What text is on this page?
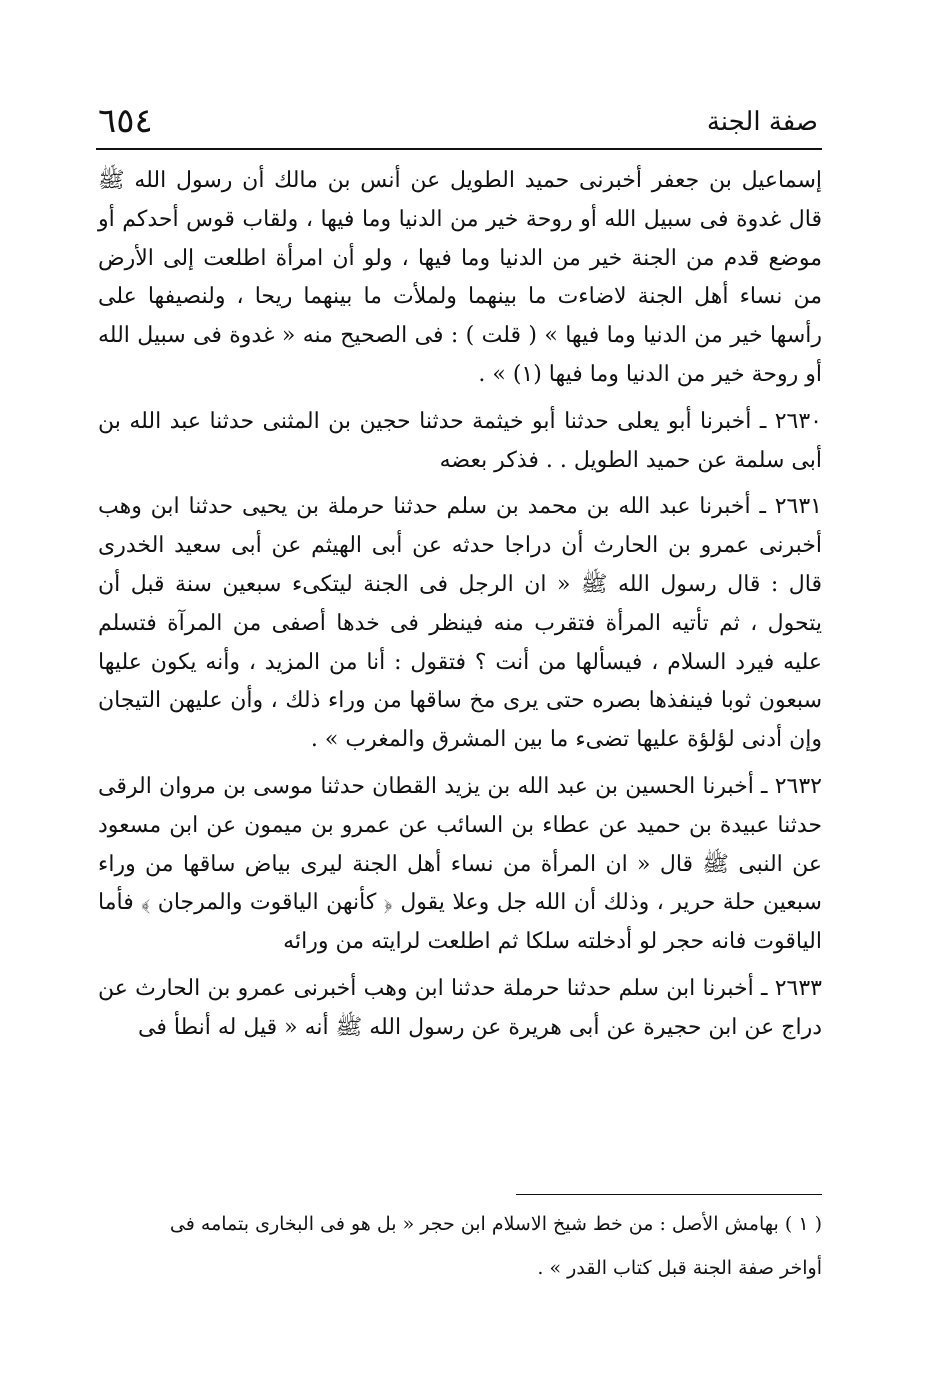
٦٥٤	صفة الجنة

إسماعيل بن جعفر أخبرنى حميد الطويل عن أنس بن مالك أن رسول الله ﷺ قال غدوة فى سبيل الله أو روحة خير من الدنيا وما فيها ، ولقاب قوس أحدكم أو موضع قدم من الجنة خير من الدنيا وما فيها ، ولو أن امرأة اطلعت إلى الأرض من نساء أهل الجنة لاضاءت ما بينهما ولملأت ما بينهما ريحا ، ولنصيفها على رأسها خير من الدنيا وما فيها » ( قلت ) : فى الصحيح منه « غدوة فى سبيل الله أو روحة خير من الدنيا وما فيها (١) » .

٢٦٣٠ ـ أخبرنا أبو يعلى حدثنا أبو خيثمة حدثنا حجين بن المثنى حدثنا عبد الله بن أبى سلمة عن حميد الطويل . . فذكر بعضه

٢٦٣١ ـ أخبرنا عبد الله بن محمد بن سلم حدثنا حرملة بن يحيى حدثنا ابن وهب أخبرنى عمرو بن الحارث أن دراجا حدثه عن أبى الهيثم عن أبى سعيد الخدرى قال : قال رسول الله ﷺ « ان الرجل فى الجنة ليتكىء سبعين سنة قبل أن يتحول ، ثم تأتيه المرأة فتقرب منه فينظر فى خدها أصفى من المرآة فتسلم عليه فيرد السلام ، فيسألها من أنت ؟ فتقول : أنا من المزيد ، وأنه يكون عليها سبعون ثوبا فينفذها بصره حتى يرى مخ ساقها من وراء ذلك ، وأن عليهن التيجان وإن أدنى لؤلؤة عليها تضىء ما بين المشرق والمغرب » .

٢٦٣٢ ـ أخبرنا الحسين بن عبد الله بن يزيد القطان حدثنا موسى بن مروان الرقى حدثنا عبيدة بن حميد عن عطاء بن السائب عن عمرو بن ميمون عن ابن مسعود عن النبى ﷺ قال « ان المرأة من نساء أهل الجنة ليرى بياض ساقها من وراء سبعين حلة حرير ، وذلك أن الله جل وعلا يقول ﴿ كأنهن الياقوت والمرجان ﴾ فأما الياقوت فانه حجر لو أدخلته سلكا ثم اطلعت لرايته من ورائه

٢٦٣٣ ـ أخبرنا ابن سلم حدثنا حرملة حدثنا ابن وهب أخبرنى عمرو بن الحارث عن دراج عن ابن حجيرة عن أبى هريرة عن رسول الله ﷺ أنه « قيل له أنطأ فى

( ١ ) بهامش الأصل : من خط شيخ الاسلام ابن حجر « بل هو فى البخارى بتمامه فى

أواخر صفة الجنة قبل كتاب القدر » .
